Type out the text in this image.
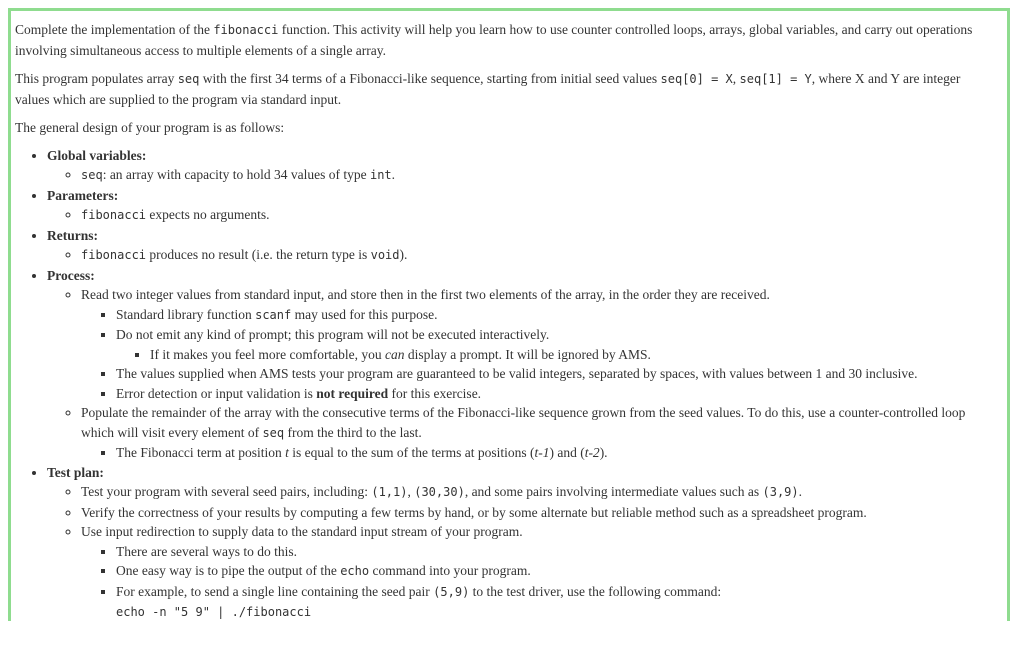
Complete the implementation of the fibonacci function. This activity will help you learn how to use counter controlled loops, arrays, global variables, and carry out operations involving simultaneous access to multiple elements of a single array.

This program populates array seq with the first 34 terms of a Fibonacci-like sequence, starting from initial seed values seq[0] = X, seq[1] = Y, where X and Y are integer values which are supplied to the program via standard input.

The general design of your program is as follows:

• Global variables:
◦ seq: an array with capacity to hold 34 values of type int.
• Parameters:
◦ fibonacci expects no arguments.
• Returns:
◦ fibonacci produces no result (i.e. the return type is void).
• Process:
◦ Read two integer values from standard input, and store then in the first two elements of the array, in the order they are received.
▪ Standard library function scanf may used for this purpose.
▪ Do not emit any kind of prompt; this program will not be executed interactively.
▪ If it makes you feel more comfortable, you can display a prompt. It will be ignored by AMS.
▪ The values supplied when AMS tests your program are guaranteed to be valid integers, separated by spaces, with values between 1 and 30 inclusive.
▪ Error detection or input validation is not required for this exercise.
◦ Populate the remainder of the array with the consecutive terms of the Fibonacci-like sequence grown from the seed values. To do this, use a counter-controlled loop which will visit every element of seq from the third to the last.
▪ The Fibonacci term at position t is equal to the sum of the terms at positions (t-1) and (t-2).
• Test plan:
◦ Test your program with several seed pairs, including: (1,1), (30,30), and some pairs involving intermediate values such as (3,9).
◦ Verify the correctness of your results by computing a few terms by hand, or by some alternate but reliable method such as a spreadsheet program.
◦ Use input redirection to supply data to the standard input stream of your program.
▪ There are several ways to do this.
▪ One easy way is to pipe the output of the echo command into your program.
▪ For example, to send a single line containing the seed pair (5,9) to the test driver, use the following command:
echo -n "5 9" | ./fibonacci
